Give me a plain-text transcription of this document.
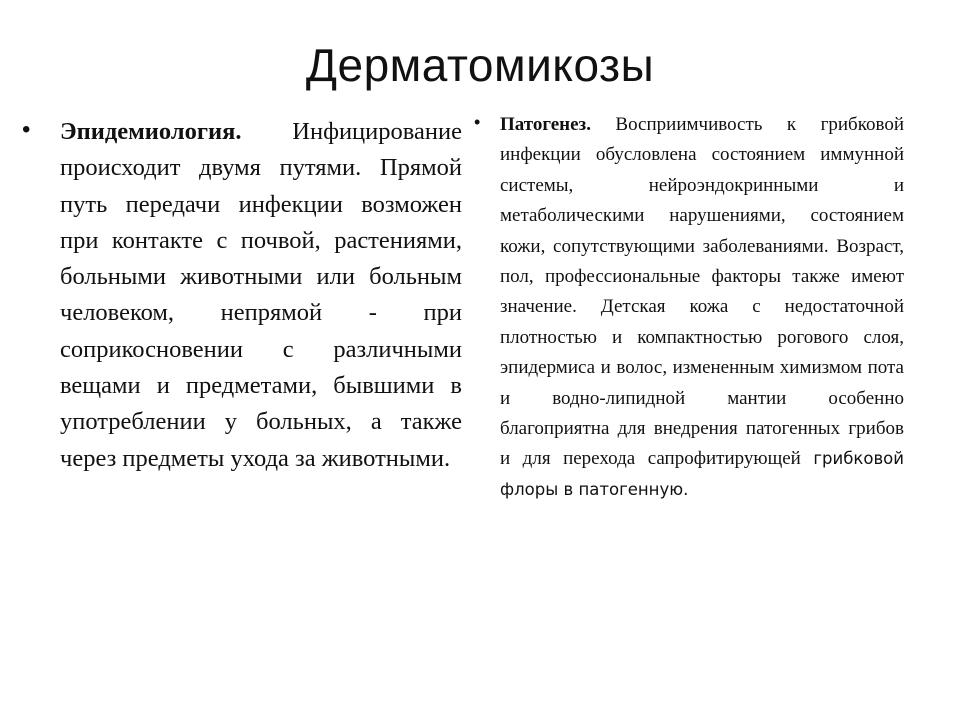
Дерматомикозы
• Эпидемиология. Инфицирование происходит двумя путями. Прямой путь передачи инфекции возможен при контакте с почвой, растениями, больными животными или больным человеком, непрямой - при соприкосновении с различными вещами и предметами, бывшими в употреблении у больных, а также через предметы ухода за животными.
• Патогенез. Восприимчивость к грибковой инфекции обусловлена состоянием иммунной системы, нейроэндокринными и метаболическими нарушениями, состоянием кожи, сопутствующими заболеваниями. Возраст, пол, профессиональные факторы также имеют значение. Детская кожа с недостаточной плотностью и компактностью рогового слоя, эпидермиса и волос, измененным химизмом пота и водно-липидной мантии особенно благоприятна для внедрения патогенных грибов и для перехода сапрофитирующей грибковой флоры в патогенную.
